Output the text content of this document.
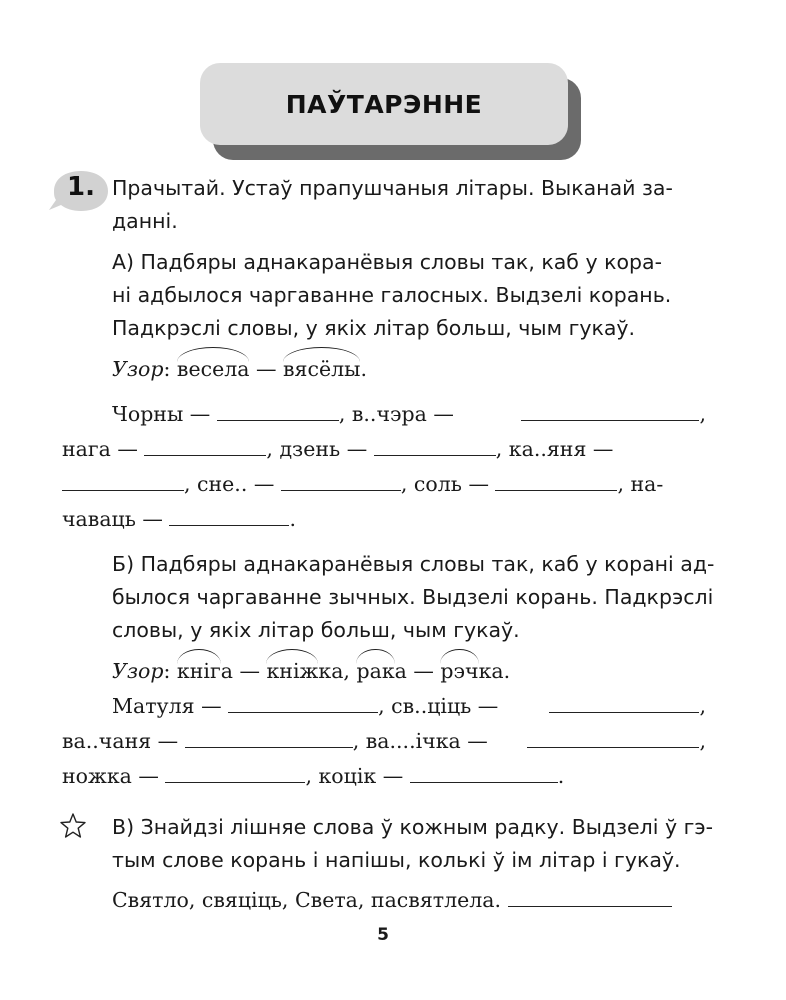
ПАЎТАРЭННЕ
1. Прачытай. Устаў прапушчаныя літары. Выканай за-
данні.
А) Падбяры аднакаранёвыя словы так, каб у кора-
ні адбылося чаргаванне галосных. Выдзелі корань.
Падкрэслі словы, у якіх літар больш, чым гукаў.
Узор: весела — вясёлы.
Чорны —	, в..чэра —	,
нага —	, дзень —	, ка..яня —
, сне.. —	, соль —	, на-
чаваць —	.
Б) Падбяры аднакаранёвыя словы так, каб у корані ад-
былося чаргаванне зычных. Выдзелі корань. Падкрэслі
словы, у якіх літар больш, чым гукаў.
Узор: кніга — кніжка, рака — рэчка.
Матуля —	, св..ціць —	,
ва..чаня —	, ва....ічка —	,
ножка —	, коцік —	.
В) Знайдзі лішняе слова ў кожным радку. Выдзелі ў гэ-
тым слове корань і напішы, колькі ў ім літар і гукаў.
Святло, свяціць, Света, пасвятлела.
5
